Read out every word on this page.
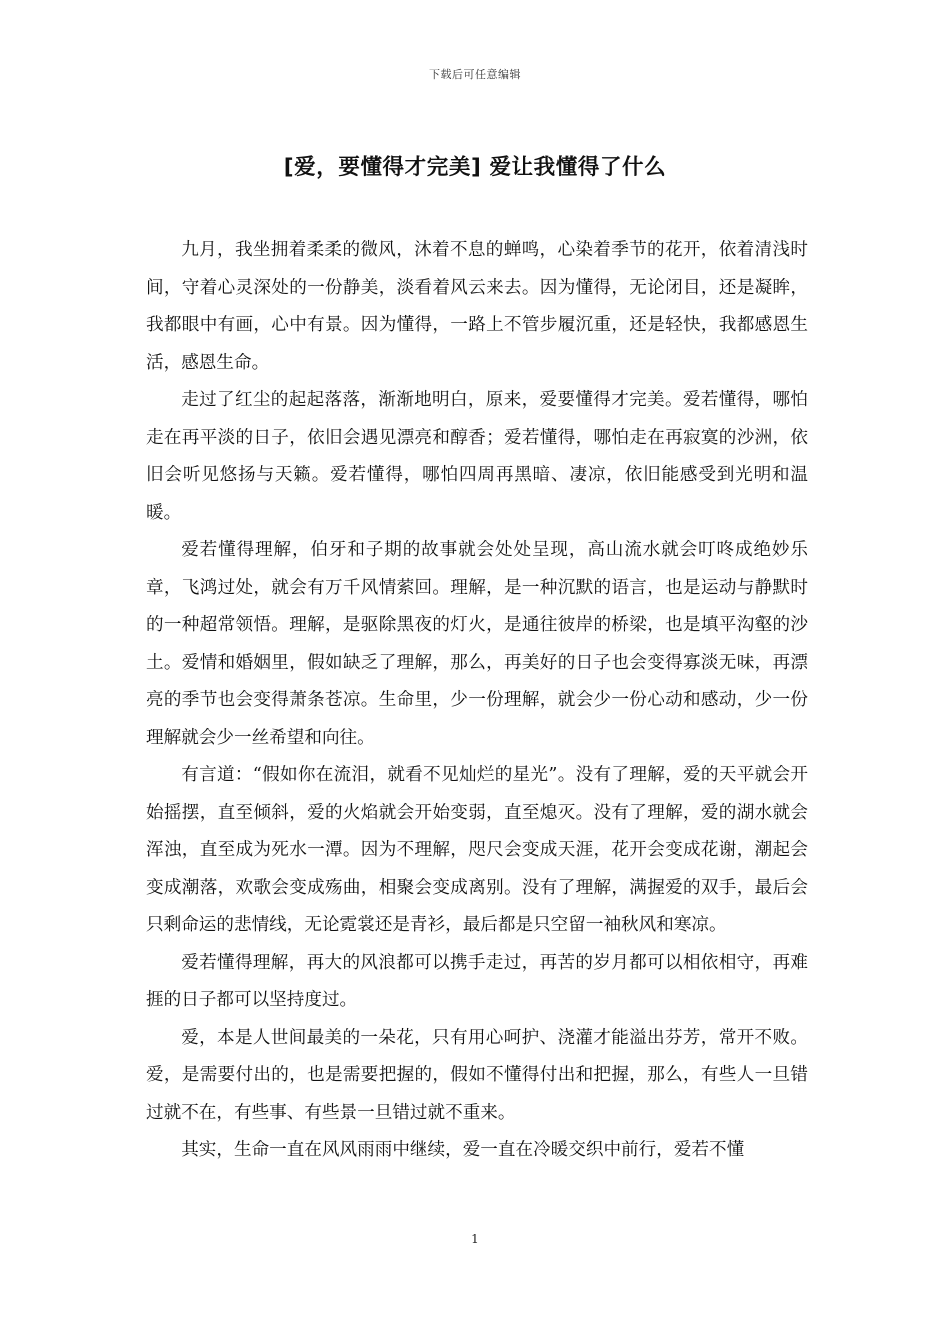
下载后可任意编辑
[爱，要懂得才完美] 爱让我懂得了什么

九月，我坐拥着柔柔的微风，沐着不息的蝉鸣，心染着季节的花开，依着清浅时间，守着心灵深处的一份静美，淡看着风云来去。因为懂得，无论闭目，还是凝眸，我都眼中有画，心中有景。因为懂得，一路上不管步履沉重，还是轻快，我都感恩生活，感恩生命。

走过了红尘的起起落落，渐渐地明白，原来，爱要懂得才完美。爱若懂得，哪怕走在再平淡的日子，依旧会遇见漂亮和醇香；爱若懂得，哪怕走在再寂寞的沙洲，依旧会听见悠扬与天籁。爱若懂得，哪怕四周再黑暗、凄凉，依旧能感受到光明和温暖。

爱若懂得理解，伯牙和子期的故事就会处处呈现，高山流水就会叮咚成绝妙乐章，飞鸿过处，就会有万千风情萦回。理解，是一种沉默的语言，也是运动与静默时的一种超常领悟。理解，是驱除黑夜的灯火，是通往彼岸的桥梁，也是填平沟壑的沙土。爱情和婚姻里，假如缺乏了理解，那么，再美好的日子也会变得寡淡无味，再漂亮的季节也会变得萧条苍凉。生命里，少一份理解，就会少一份心动和感动，少一份理解就会少一丝希望和向往。

有言道：“假如你在流泪，就看不见灿烂的星光”。没有了理解，爱的天平就会开始摇摆，直至倾斜，爱的火焰就会开始变弱，直至熄灭。没有了理解，爱的湖水就会浑浊，直至成为死水一潭。因为不理解，咫尺会变成天涯，花开会变成花谢，潮起会变成潮落，欢歌会变成殇曲，相聚会变成离别。没有了理解，满握爱的双手，最后会只剩命运的悲情线，无论霓裳还是青衫，最后都是只空留一袖秋风和寒凉。

爱若懂得理解，再大的风浪都可以携手走过，再苦的岁月都可以相依相守，再难捱的日子都可以坚持度过。

爱，本是人世间最美的一朵花，只有用心呵护、浇灌才能溢出芬芳，常开不败。爱，是需要付出的，也是需要把握的，假如不懂得付出和把握，那么，有些人一旦错过就不在，有些事、有些景一旦错过就不重来。

其实，生命一直在风风雨雨中继续，爱一直在冷暖交织中前行，爱若不懂

1
